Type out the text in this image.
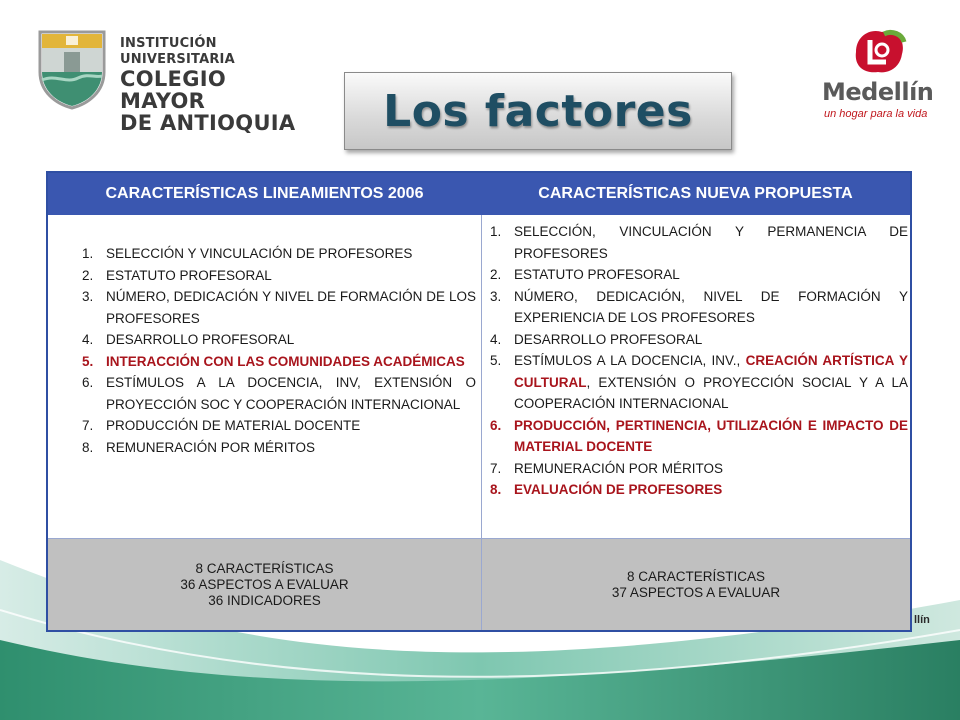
INSTITUCIÓN UNIVERSITARIA
COLEGIO MAYOR
DE ANTIOQUIA
Medellín
un hogar para la vida
Los factores
CARACTERÍSTICAS LINEAMIENTOS 2006	CARACTERÍSTICAS NUEVA PROPUESTA
1. SELECCIÓN Y VINCULACIÓN DE PROFESORES
2. ESTATUTO PROFESORAL
3. NÚMERO, DEDICACIÓN Y NIVEL DE FORMACIÓN DE LOS PROFESORES
4. DESARROLLO PROFESORAL
5. INTERACCIÓN CON LAS COMUNIDADES ACADÉMICAS
6. ESTÍMULOS A LA DOCENCIA, INV, EXTENSIÓN O PROYECCIÓN SOC Y COOPERACIÓN INTERNACIONAL
7. PRODUCCIÓN DE MATERIAL DOCENTE
8. REMUNERACIÓN POR MÉRITOS
1. SELECCIÓN, VINCULACIÓN Y PERMANENCIA DE PROFESORES
2. ESTATUTO PROFESORAL
3. NÚMERO, DEDICACIÓN, NIVEL DE FORMACIÓN Y EXPERIENCIA DE LOS PROFESORES
4. DESARROLLO PROFESORAL
5. ESTÍMULOS A LA DOCENCIA, INV., CREACIÓN ARTÍSTICA Y CULTURAL, EXTENSIÓN O PROYECCIÓN SOCIAL Y A LA COOPERACIÓN INTERNACIONAL
6. PRODUCCIÓN, PERTINENCIA, UTILIZACIÓN E IMPACTO DE MATERIAL DOCENTE
7. REMUNERACIÓN POR MÉRITOS
8. EVALUACIÓN DE PROFESORES
8 CARACTERÍSTICAS
36 ASPECTOS A EVALUAR
36 INDICADORES
8 CARACTERÍSTICAS
37 ASPECTOS A EVALUAR
llín
